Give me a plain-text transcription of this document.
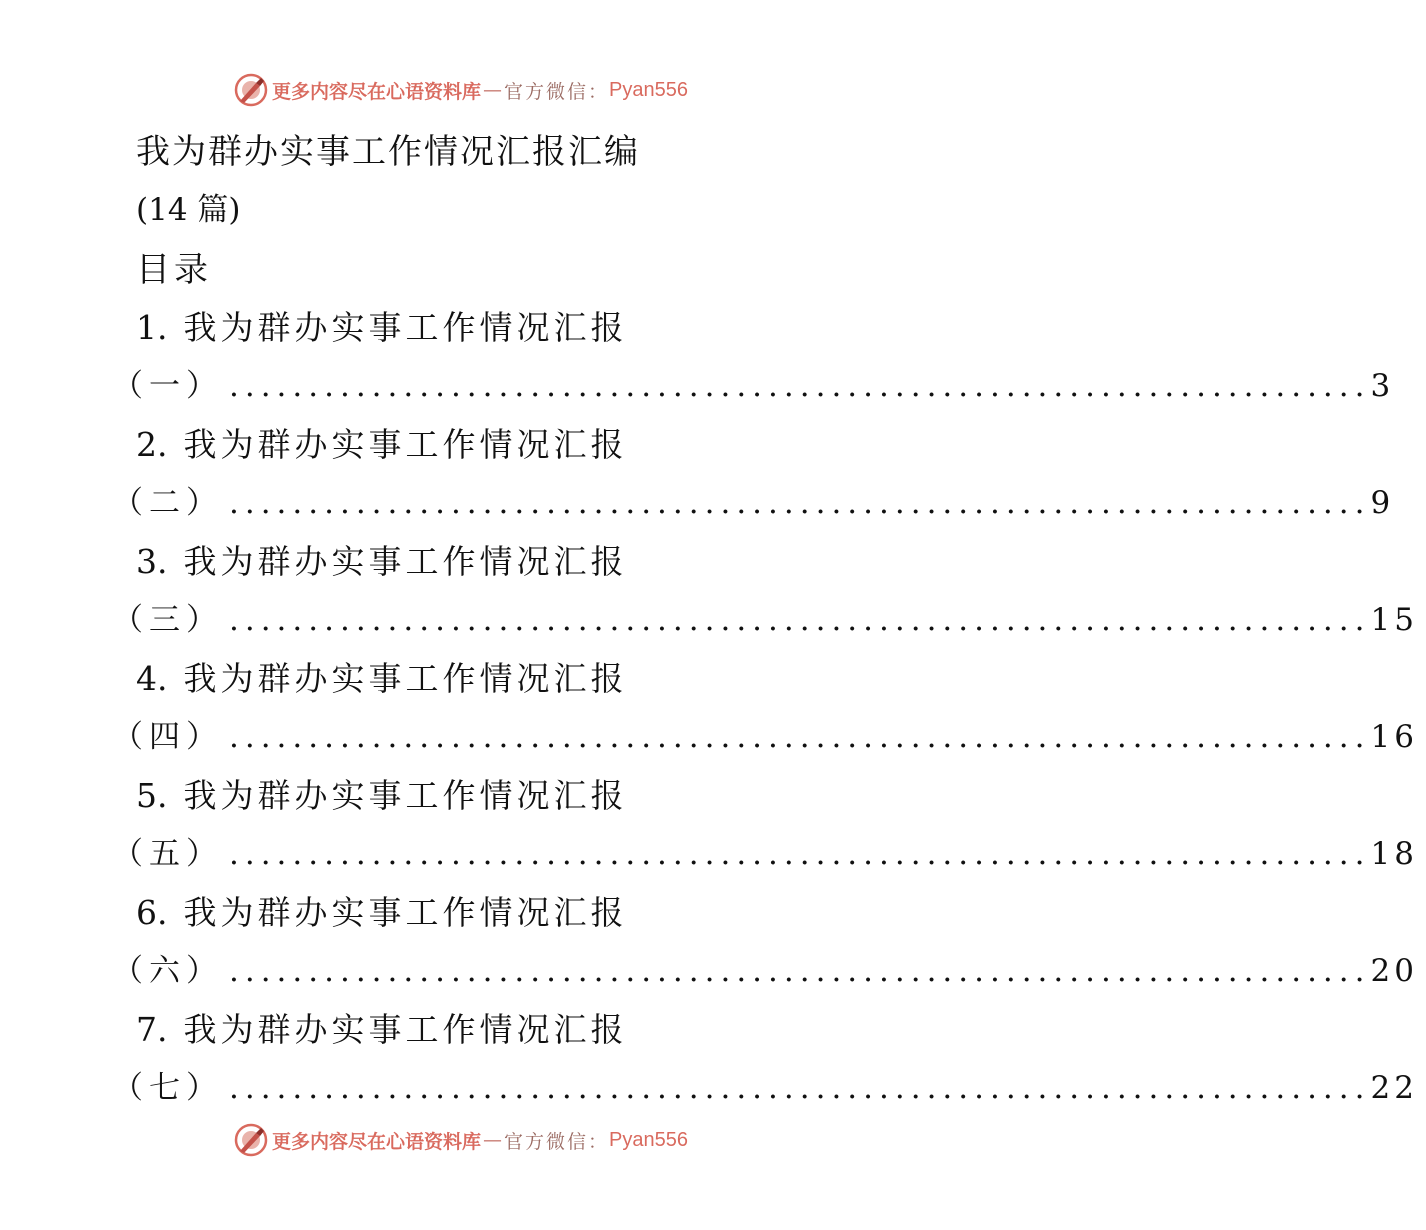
更多内容尽在心语资料库 — 官方微信： Pyan556
我为群办实事工作情况汇报汇编
(14 篇)
目录
1. 我为群办实事工作情况汇报
（一） ........................................................................ 3
2. 我为群办实事工作情况汇报
（二） ........................................................................ 9
3. 我为群办实事工作情况汇报
（三） ........................................................................ 15
4. 我为群办实事工作情况汇报
（四） ........................................................................ 16
5. 我为群办实事工作情况汇报
（五） ........................................................................ 18
6. 我为群办实事工作情况汇报
（六） ........................................................................ 20
7. 我为群办实事工作情况汇报
（七） ........................................................................ 22
更多内容尽在心语资料库 — 官方微信： Pyan556
